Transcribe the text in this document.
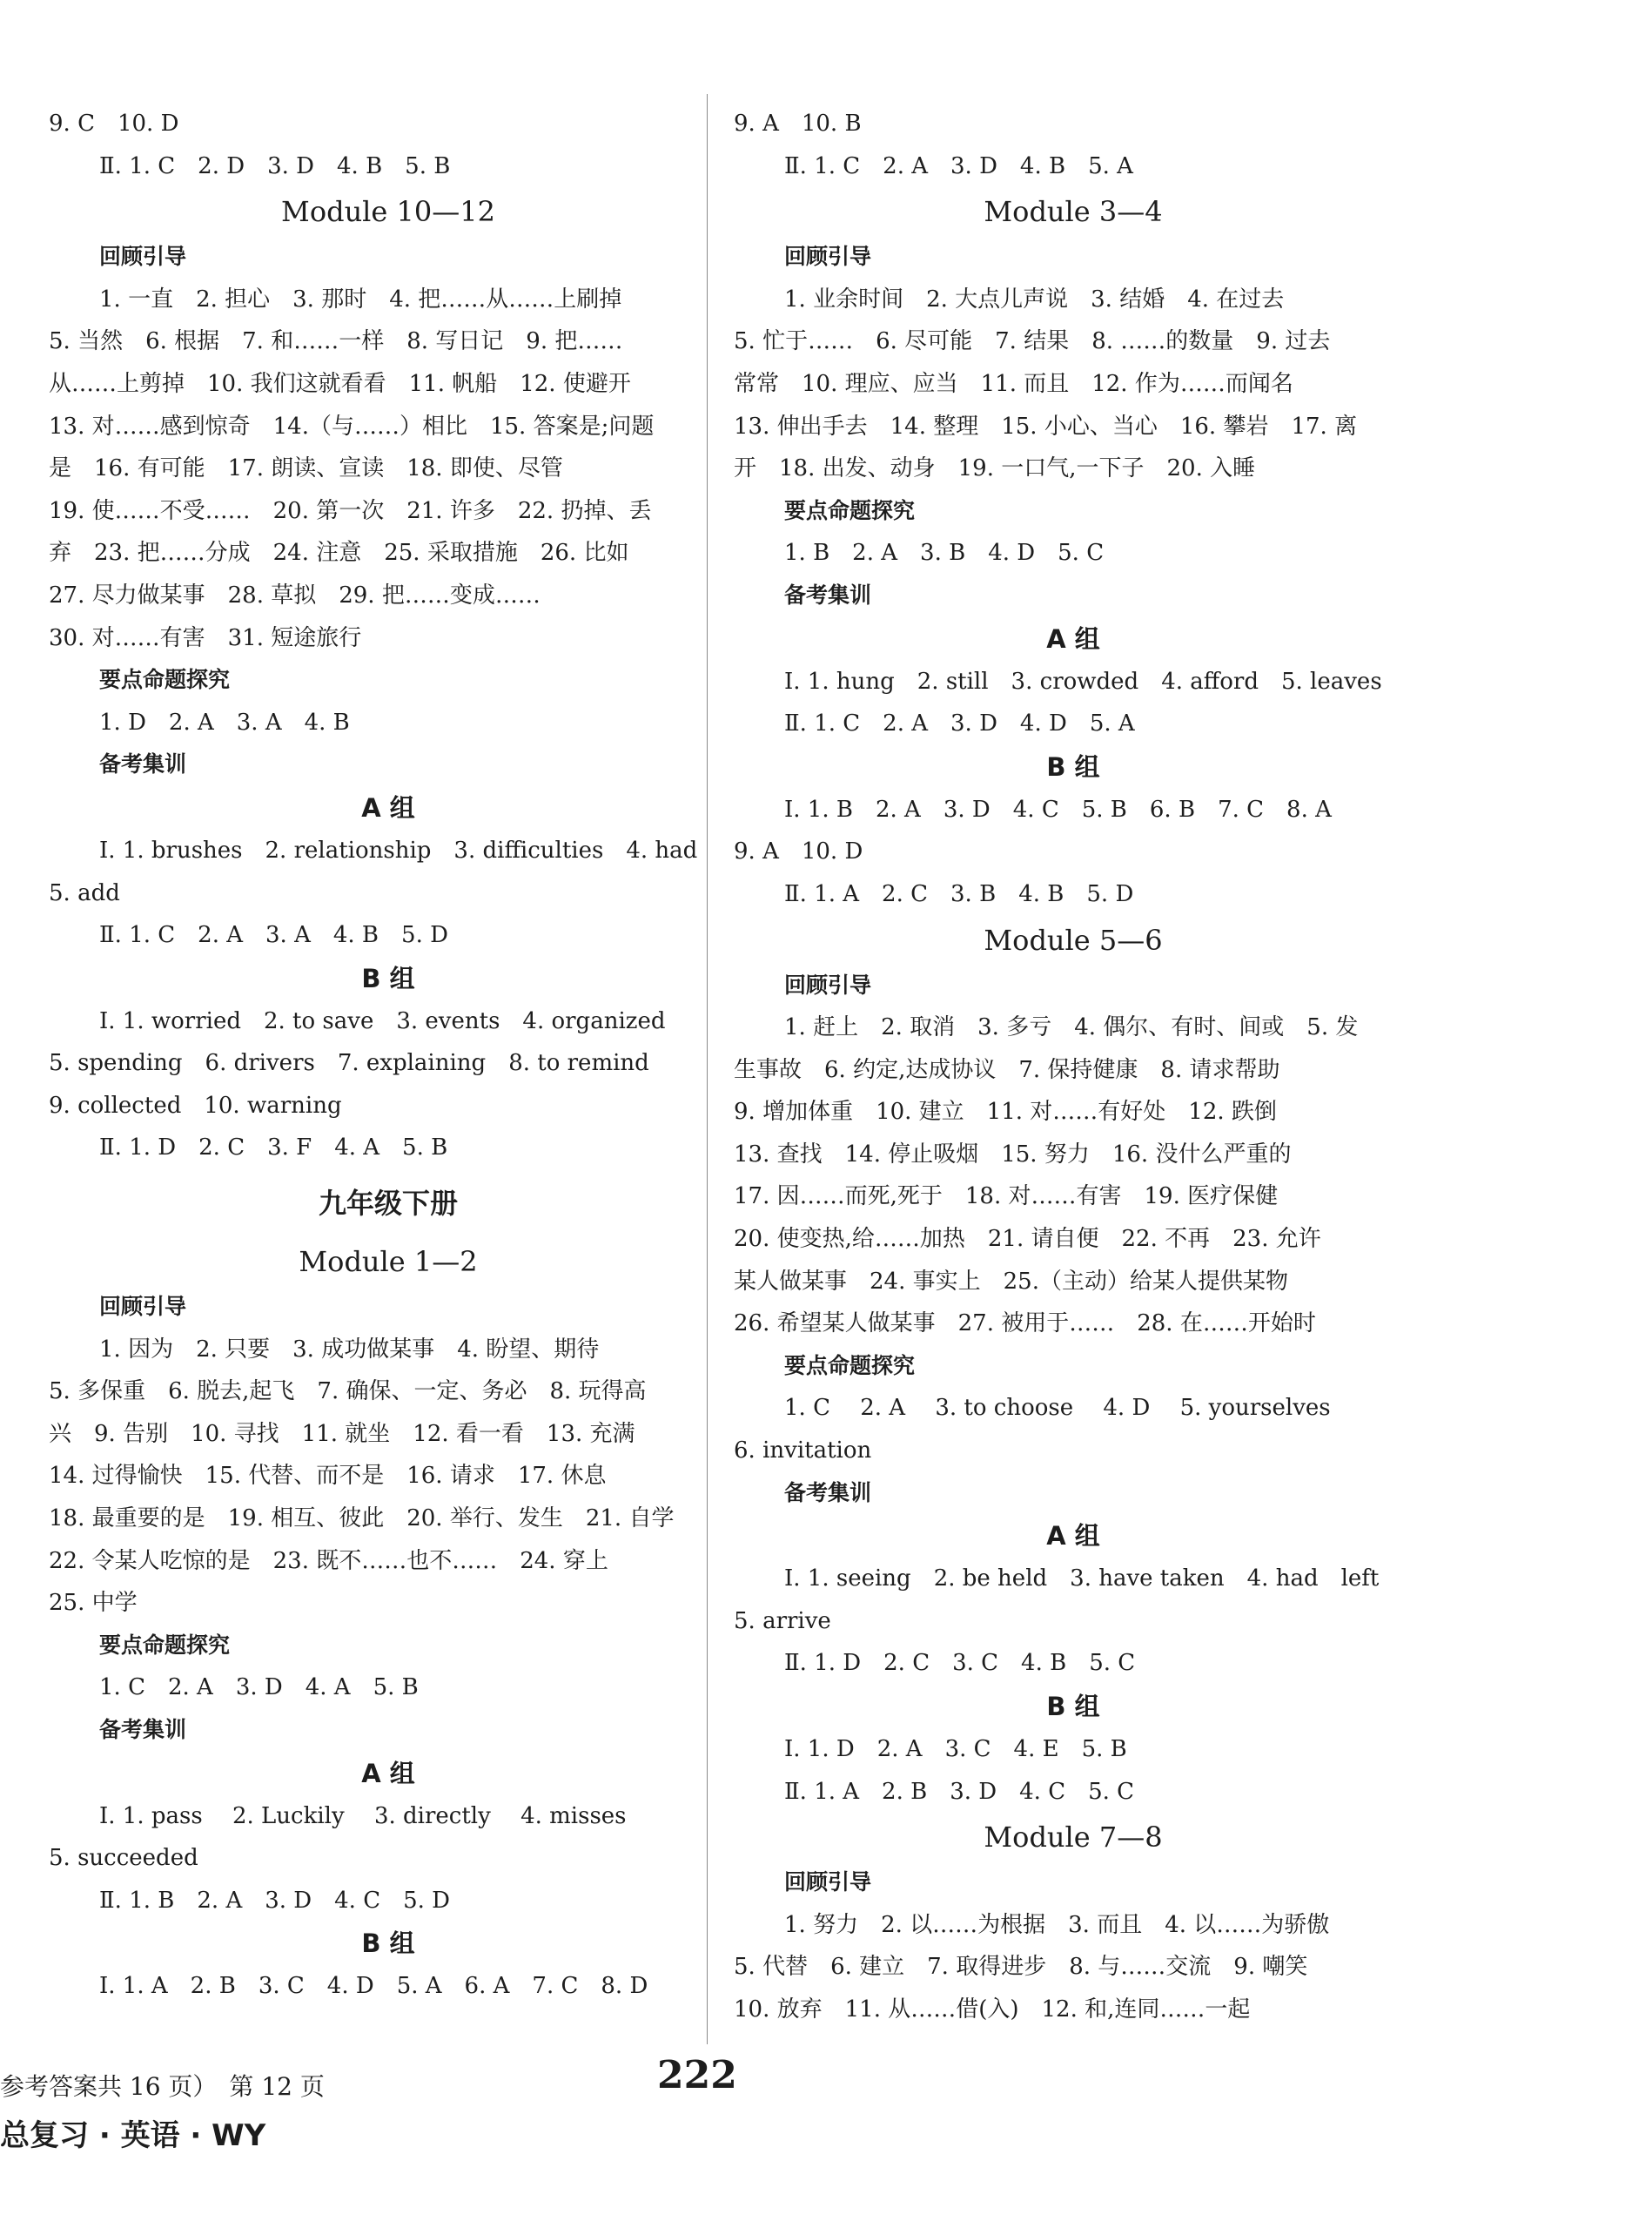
9. C　10. D
Ⅱ. 1. C　2. D　3. D　4. B　5. B
Module 10—12
回顾引导
1. 一直　2. 担心　3. 那时　4. 把……从……上刷掉
5. 当然　6. 根据　7. 和……一样　8. 写日记　9. 把……
从……上剪掉　10. 我们这就看看　11. 帆船　12. 使避开
13. 对……感到惊奇　14.（与……）相比　15. 答案是;问题
是　16. 有可能　17. 朗读、宣读　18. 即使、尽管
19. 使……不受……　20. 第一次　21. 许多　22. 扔掉、丢
弃　23. 把……分成　24. 注意　25. 采取措施　26. 比如
27. 尽力做某事　28. 草拟　29. 把……变成……
30. 对……有害　31. 短途旅行
要点命题探究
1. D　2. A　3. A　4. B
备考集训
A 组
Ⅰ. 1. brushes　2. relationship　3. difficulties　4. had
5. add
Ⅱ. 1. C　2. A　3. A　4. B　5. D
B 组
Ⅰ. 1. worried　2. to save　3. events　4. organized
5. spending　6. drivers　7. explaining　8. to remind
9. collected　10. warning
Ⅱ. 1. D　2. C　3. F　4. A　5. B
九年级下册
Module 1—2
回顾引导
1. 因为　2. 只要　3. 成功做某事　4. 盼望、期待
5. 多保重　6. 脱去,起飞　7. 确保、一定、务必　8. 玩得高
兴　9. 告别　10. 寻找　11. 就坐　12. 看一看　13. 充满
14. 过得愉快　15. 代替、而不是　16. 请求　17. 休息
18. 最重要的是　19. 相互、彼此　20. 举行、发生　21. 自学
22. 令某人吃惊的是　23. 既不……也不……　24. 穿上
25. 中学
要点命题探究
1. C　2. A　3. D　4. A　5. B
备考集训
A 组
Ⅰ. 1. pass　 2. Luckily　 3. directly　 4. misses
5. succeeded
Ⅱ. 1. B　2. A　3. D　4. C　5. D
B 组
Ⅰ. 1. A　2. B　3. C　4. D　5. A　6. A　7. C　8. D
9. A　10. B
Ⅱ. 1. C　2. A　3. D　4. B　5. A
Module 3—4
回顾引导
1. 业余时间　2. 大点儿声说　3. 结婚　4. 在过去
5. 忙于……　6. 尽可能　7. 结果　8. ……的数量　9. 过去
常常　10. 理应、应当　11. 而且　12. 作为……而闻名
13. 伸出手去　14. 整理　15. 小心、当心　16. 攀岩　17. 离
开　18. 出发、动身　19. 一口气,一下子　20. 入睡
要点命题探究
1. B　2. A　3. B　4. D　5. C
备考集训
A 组
Ⅰ. 1. hung　2. still　3. crowded　4. afford　5. leaves
Ⅱ. 1. C　2. A　3. D　4. D　5. A
B 组
Ⅰ. 1. B　2. A　3. D　4. C　5. B　6. B　7. C　8. A
9. A　10. D
Ⅱ. 1. A　2. C　3. B　4. B　5. D
Module 5—6
回顾引导
1. 赶上　2. 取消　3. 多亏　4. 偶尔、有时、间或　5. 发
生事故　6. 约定,达成协议　7. 保持健康　8. 请求帮助
9. 增加体重　10. 建立　11. 对……有好处　12. 跌倒
13. 查找　14. 停止吸烟　15. 努力　16. 没什么严重的
17. 因……而死,死于　18. 对……有害　19. 医疗保健
20. 使变热,给……加热　21. 请自便　22. 不再　23. 允许
某人做某事　24. 事实上　25.（主动）给某人提供某物
26. 希望某人做某事　27. 被用于……　28. 在……开始时
要点命题探究
1. C　 2. A　 3. to choose　 4. D　 5. yourselves
6. invitation
备考集训
A 组
Ⅰ. 1. seeing　2. be held　3. have taken　4. had　left
5. arrive
Ⅱ. 1. D　2. C　3. C　4. B　5. C
B 组
Ⅰ. 1. D　2. A　3. C　4. E　5. B
Ⅱ. 1. A　2. B　3. D　4. C　5. C
Module 7—8
回顾引导
1. 努力　2. 以……为根据　3. 而且　4. 以……为骄傲
5. 代替　6. 建立　7. 取得进步　8. 与……交流　9. 嘲笑
10. 放弃　11. 从……借(入)　12. 和,连同……一起
参考答案共 16 页）　第 12 页	222
总复习 · 英语 · WY
